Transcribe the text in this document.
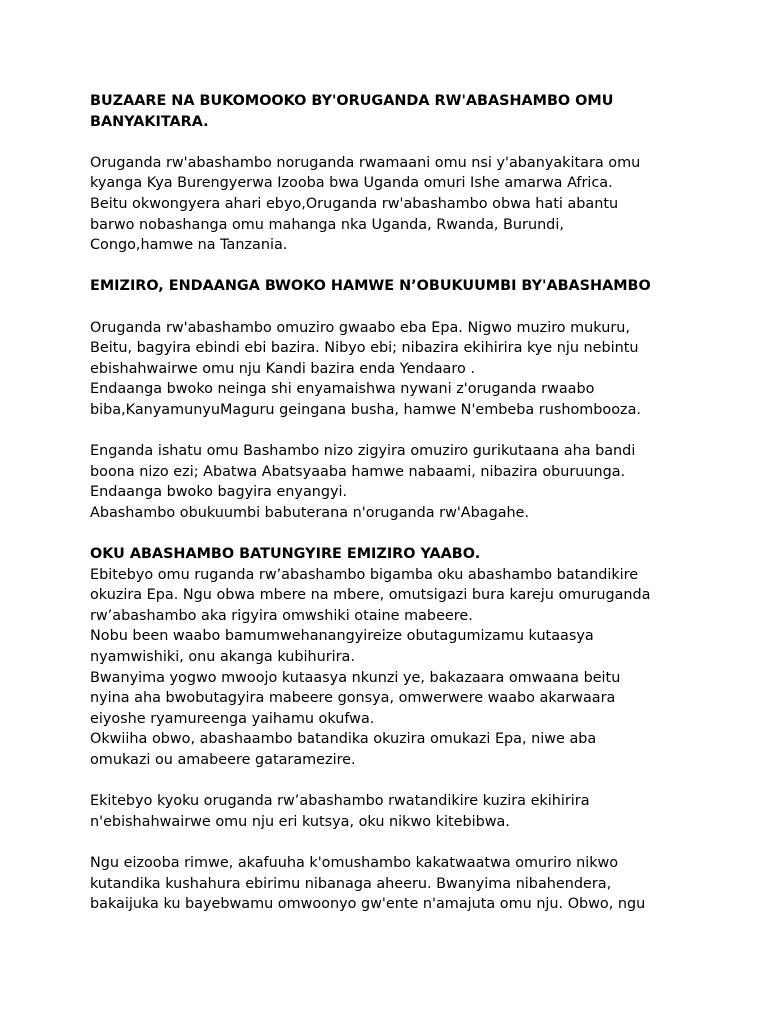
BUZAARE NA BUKOMOOKO BY'ORUGANDA RW'ABASHAMBO OMU
BANYAKITARA.

Oruganda rw'abashambo noruganda rwamaani omu nsi y'abanyakitara omu
kyanga Kya Burengyerwa Izooba bwa Uganda omuri Ishe amarwa Africa.
Beitu okwongyera ahari ebyo,Oruganda rw'abashambo obwa hati abantu
barwo nobashanga omu mahanga nka Uganda, Rwanda, Burundi,
Congo,hamwe na Tanzania.

EMIZIRO, ENDAANGA BWOKO HAMWE N’OBUKUUMBI BY'ABASHAMBO

Oruganda rw'abashambo omuziro gwaabo eba Epa. Nigwo muziro mukuru,
Beitu, bagyira ebindi ebi bazira. Nibyo ebi; nibazira ekihirira kye nju nebintu
ebishahwairwe omu nju Kandi bazira enda Yendaaro .
Endaanga bwoko neinga shi enyamaishwa nywani z'oruganda rwaabo
biba,KanyamunyuMaguru geingana busha, hamwe N'embeba rushombooza.

Enganda ishatu omu Bashambo nizo zigyira omuziro gurikutaana aha bandi
boona nizo ezi; Abatwa Abatsyaaba hamwe nabaami, nibazira oburuunga.
Endaanga bwoko bagyira enyangyi.
Abashambo obukuumbi babuterana n'oruganda rw'Abagahe.

OKU ABASHAMBO BATUNGYIRE EMIZIRO YAABO.

Ebitebyo omu ruganda rw’abashambo bigamba oku abashambo batandikire
okuzira Epa. Ngu obwa mbere na mbere, omutsigazi bura kareju omuruganda
rw’abashambo aka rigyira omwshiki otaine mabeere.
Nobu been waabo bamumwehanangyireize obutagumizamu kutaasya
nyamwishiki, onu akanga kubihurira.
Bwanyima yogwo mwoojo kutaasya nkunzi ye, bakazaara omwaana beitu
nyina aha bwobutagyira mabeere gonsya, omwerwere waabo akarwaara
eiyoshe ryamureenga yaihamu okufwa.
Okwiiha obwo, abashaambo batandika okuzira omukazi Epa, niwe aba
omukazi ou amabeere gataramezire.

Ekitebyo kyoku oruganda rw’abashambo rwatandikire kuzira ekihirira
n'ebishahwairwe omu nju eri kutsya, oku nikwo kitebibwa.

Ngu eizooba rimwe, akafuuha k'omushambo kakatwaatwa omuriro nikwo
kutandika kushahura ebirimu nibanaga aheeru. Bwanyima nibahendera,
bakaijuka ku bayebwamu omwoonyo gw'ente n'amajuta omu nju. Obwo, ngu
